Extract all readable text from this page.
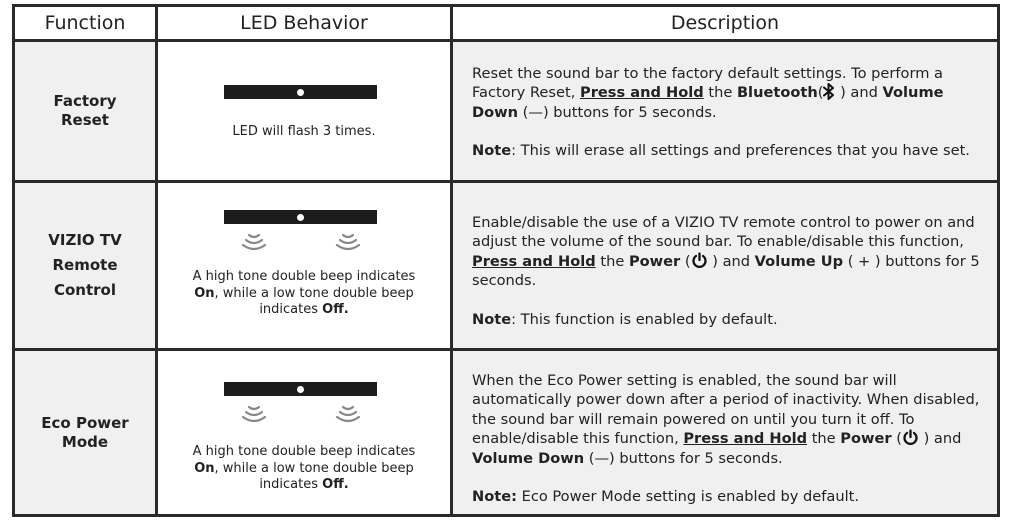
Function	LED Behavior	Description
Factory
Reset
LED will flash 3 times.

Reset the sound bar to the factory default settings. To perform a Factory Reset, Press and Hold the Bluetooth( ) and Volume Down (—) buttons for 5 seconds.

Note: This will erase all settings and preferences that you have set.

VIZIO TV
Remote
Control
A high tone double beep indicates
On, while a low tone double beep
indicates Off.

Enable/disable the use of a VIZIO TV remote control to power on and adjust the volume of the sound bar. To enable/disable this function, Press and Hold the Power ( ) and Volume Up ( + ) buttons for 5 seconds.

Note: This function is enabled by default.

Eco Power
Mode
A high tone double beep indicates
On, while a low tone double beep
indicates Off.

When the Eco Power setting is enabled, the sound bar will automatically power down after a period of inactivity. When disabled, the sound bar will remain powered on until you turn it off. To enable/disable this function, Press and Hold the Power ( ) and Volume Down (—) buttons for 5 seconds.

Note: Eco Power Mode setting is enabled by default.
